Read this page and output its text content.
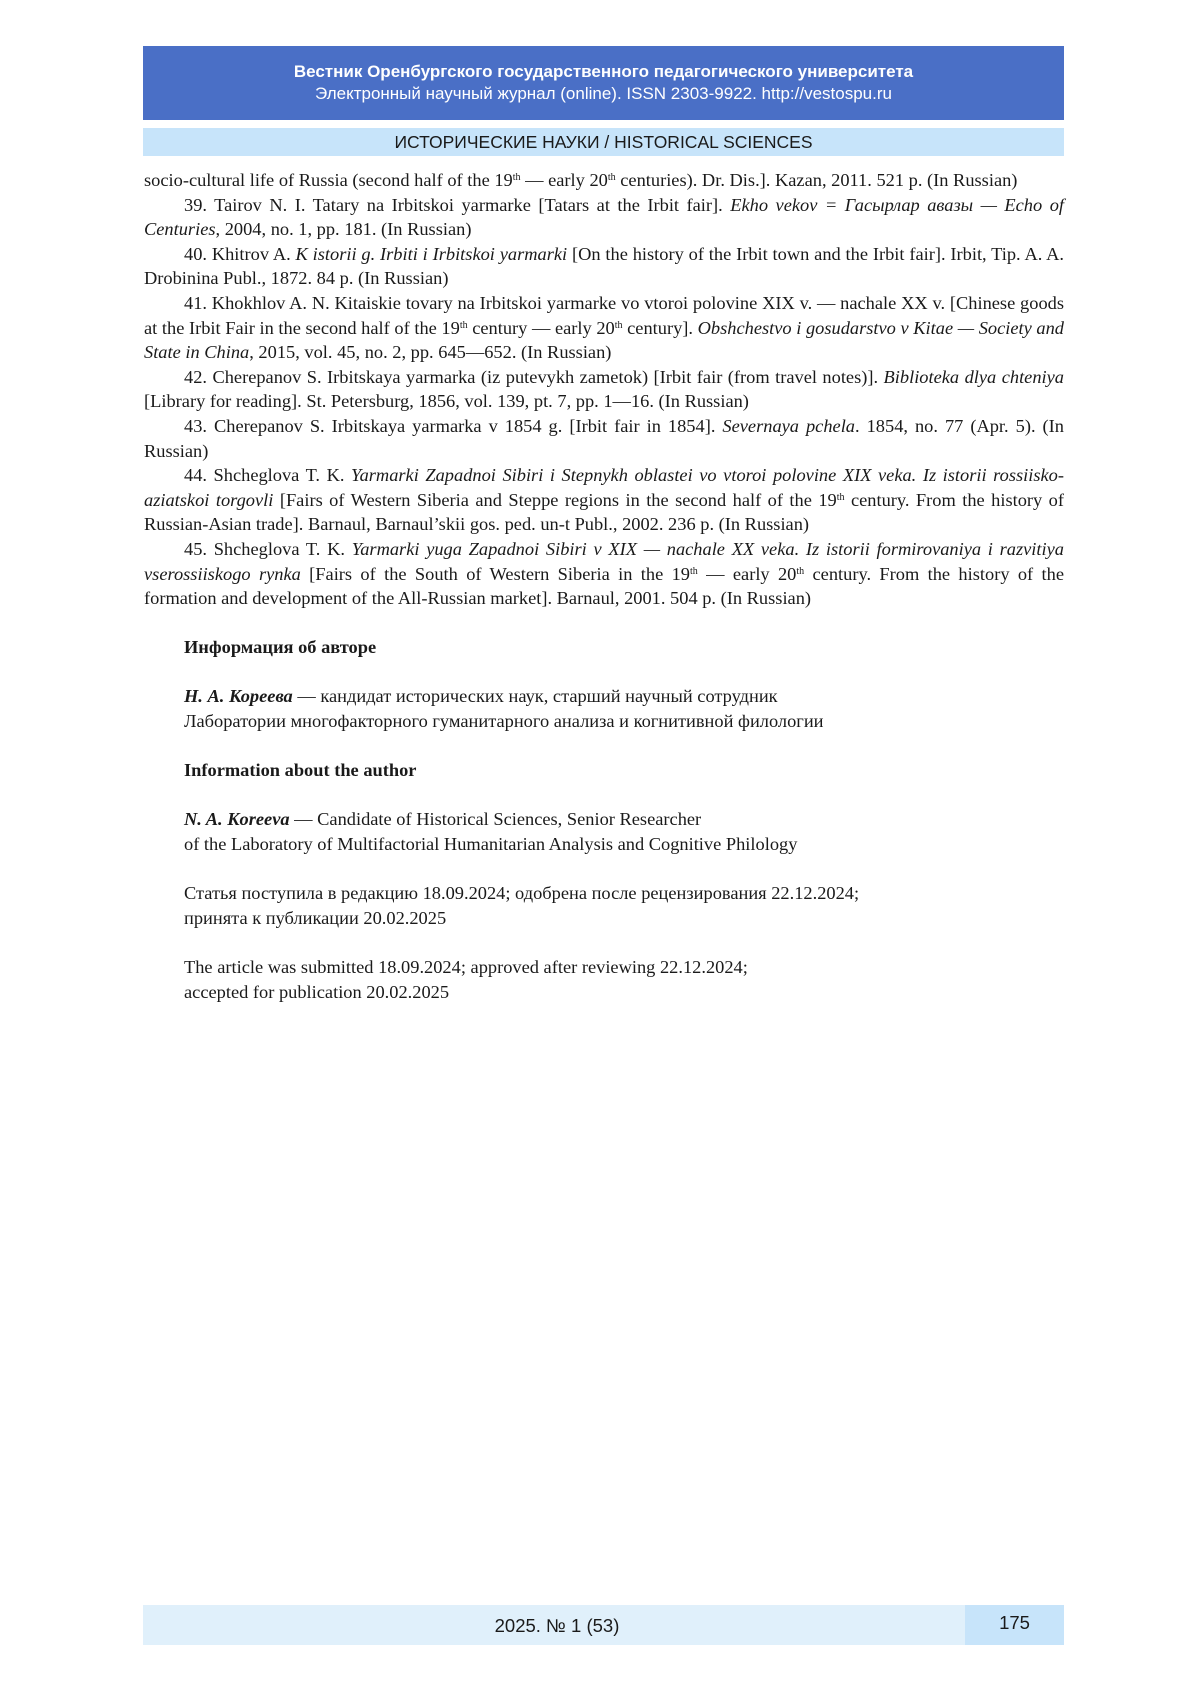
Вестник Оренбургского государственного педагогического университета
Электронный научный журнал (online). ISSN 2303-9922. http://vestospu.ru
ИСТОРИЧЕСКИЕ НАУКИ / HISTORICAL SCIENCES

socio-cultural life of Russia (second half of the 19th — early 20th centuries). Dr. Dis.]. Kazan, 2011. 521 p. (In Russian)

39. Tairov N. I. Tatary na Irbitskoi yarmarke [Tatars at the Irbit fair]. Ekho vekov = Гасырлар авазы — Echo of Centuries, 2004, no. 1, pp. 181. (In Russian)

40. Khitrov A. K istorii g. Irbiti i Irbitskoi yarmarki [On the history of the Irbit town and the Irbit fair]. Irbit, Tip. A. A. Drobinina Publ., 1872. 84 p. (In Russian)

41. Khokhlov A. N. Kitaiskie tovary na Irbitskoi yarmarke vo vtoroi polovine XIX v. — nachale XX v. [Chinese goods at the Irbit Fair in the second half of the 19th century — early 20th century]. Obshchestvo i gosudarstvo v Kitae — Society and State in China, 2015, vol. 45, no. 2, pp. 645—652. (In Russian)

42. Cherepanov S. Irbitskaya yarmarka (iz putevykh zametok) [Irbit fair (from travel notes)]. Biblioteka dlya chteniya [Library for reading]. St. Petersburg, 1856, vol. 139, pt. 7, pp. 1—16. (In Russian)

43. Cherepanov S. Irbitskaya yarmarka v 1854 g. [Irbit fair in 1854]. Severnaya pchela. 1854, no. 77 (Apr. 5). (In Russian)

44. Shcheglova T. K. Yarmarki Zapadnoi Sibiri i Stepnykh oblastei vo vtoroi polovine XIX veka. Iz istorii rossiisko-aziatskoi torgovli [Fairs of Western Siberia and Steppe regions in the second half of the 19th century. From the history of Russian-Asian trade]. Barnaul, Barnaul’skii gos. ped. un-t Publ., 2002. 236 p. (In Russian)

45. Shcheglova T. K. Yarmarki yuga Zapadnoi Sibiri v XIX — nachale XX veka. Iz istorii formirovaniya i razvitiya vserossiiskogo rynka [Fairs of the South of Western Siberia in the 19th — early 20th century. From the history of the formation and development of the All-Russian market]. Barnaul, 2001. 504 p. (In Russian)

Информация об авторе

Н. А. Кореева — кандидат исторических наук, старший научный сотрудник

Лаборатории многофакторного гуманитарного анализа и когнитивной филологии

Information about the author

N. A. Koreeva — Candidate of Historical Sciences, Senior Researcher

of the Laboratory of Multifactorial Humanitarian Analysis and Cognitive Philology

Статья поступила в редакцию 18.09.2024; одобрена после рецензирования 22.12.2024;

принята к публикации 20.02.2025

The article was submitted 18.09.2024; approved after reviewing 22.12.2024;

accepted for publication 20.02.2025

2025. № 1 (53)	175
